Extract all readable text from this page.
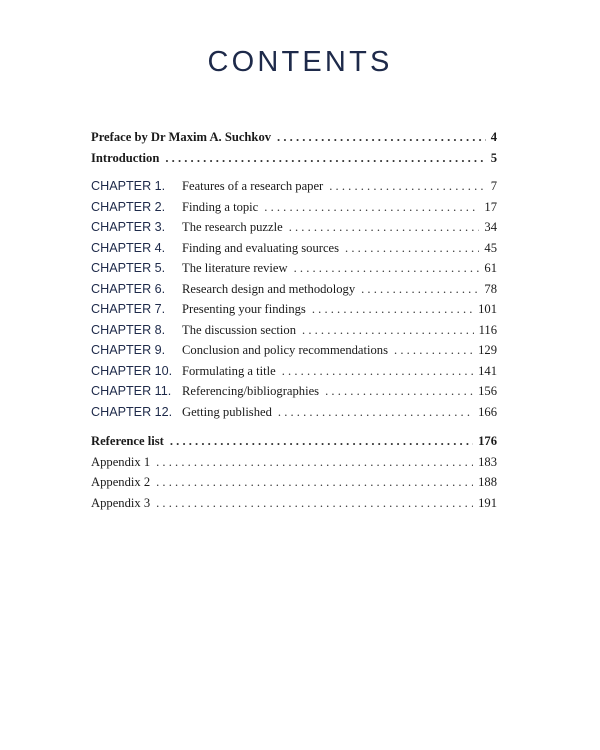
CONTENTS
Preface by Dr Maxim A. Suchkov . . .	4
Introduction . . .	5
CHAPTER 1.	Features of a research paper . . .	7
CHAPTER 2.	Finding a topic . . .	17
CHAPTER 3.	The research puzzle . . .	34
CHAPTER 4.	Finding and evaluating sources . . .	45
CHAPTER 5.	The literature review . . .	61
CHAPTER 6.	Research design and methodology . . .	78
CHAPTER 7.	Presenting your findings . . .	101
CHAPTER 8.	The discussion section . . .	116
CHAPTER 9.	Conclusion and policy recommendations . . .	129
CHAPTER 10. Formulating a title . . .	141
CHAPTER 11. Referencing/bibliographies . . .	156
CHAPTER 12. Getting published . . .	166
Reference list . . .	176
Appendix 1 . . .	183
Appendix 2 . . .	188
Appendix 3 . . .	191
